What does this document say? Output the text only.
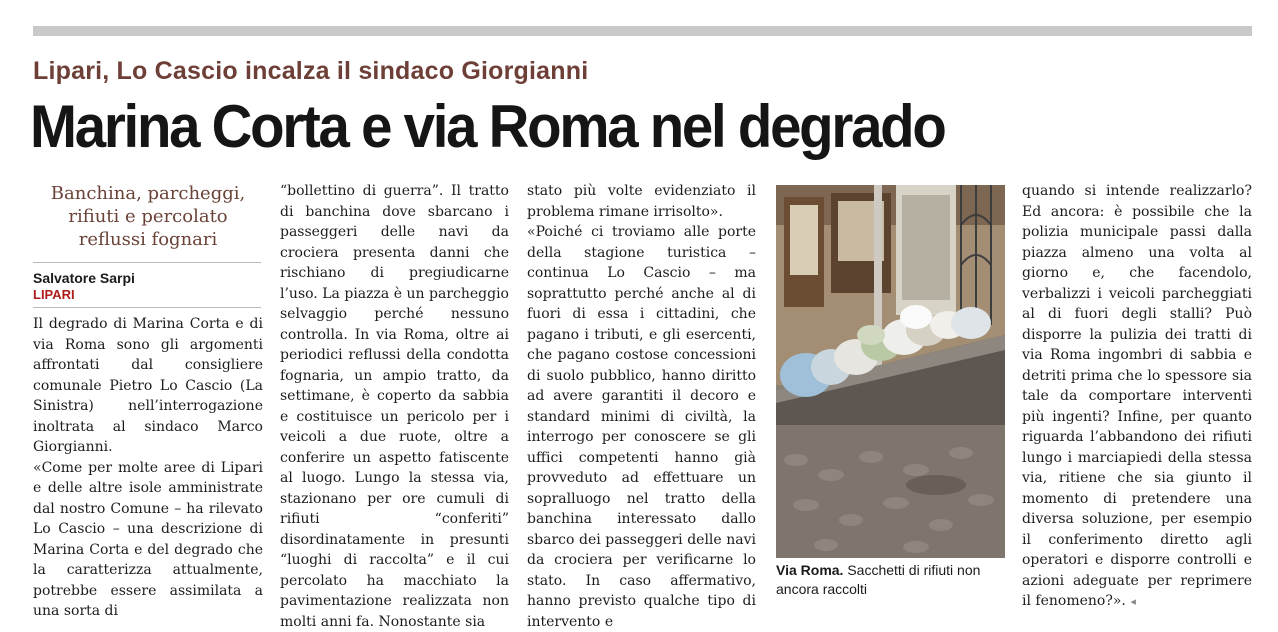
Lipari, Lo Cascio incalza il sindaco Giorgianni
Marina Corta e via Roma nel degrado
Banchina, parcheggi, rifiuti e percolato reflussi fognari
Salvatore Sarpi
LIPARI

Il degrado di Marina Corta e di via Roma sono gli argomenti affrontati dal consigliere comunale Pietro Lo Cascio (La Sinistra) nell’interrogazione inoltrata al sindaco Marco Giorgianni.

«Come per molte aree di Lipari e delle altre isole amministrate dal nostro Comune – ha rilevato Lo Cascio – una descrizione di Marina Corta e del degrado che la caratterizza attualmente, potrebbe essere assimilata a una sorta di

“bollettino di guerra”. Il tratto di banchina dove sbarcano i passeggeri delle navi da crociera presenta danni che rischiano di pregiudicarne l’uso. La piazza è un parcheggio selvaggio perché nessuno controlla. In via Roma, oltre ai periodici reflussi della condotta fognaria, un ampio tratto, da settimane, è coperto da sabbia e costituisce un pericolo per i veicoli a due ruote, oltre a conferire un aspetto fatiscente al luogo. Lungo la stessa via, stazionano per ore cumuli di rifiuti “conferiti” disordinatamente in presunti “luoghi di raccolta” e il cui percolato ha macchiato la pavimentazione realizzata non molti anni fa. Nonostante sia

stato più volte evidenziato il problema rimane irrisolto».

«Poiché ci troviamo alle porte della stagione turistica – continua Lo Cascio – ma soprattutto perché anche al di fuori di essa i cittadini, che pagano i tributi, e gli esercenti, che pagano costose concessioni di suolo pubblico, hanno diritto ad avere garantiti il decoro e standard minimi di civiltà, la interrogo per conoscere se gli uffici competenti hanno già provveduto ad effettuare un sopralluogo nel tratto della banchina interessato dallo sbarco dei passeggeri delle navi da crociera per verificarne lo stato. In caso affermativo, hanno previsto qualche tipo di intervento e

Via Roma. Sacchetti di rifiuti non ancora raccolti

quando si intende realizzarlo? Ed ancora: è possibile che la polizia municipale passi dalla piazza almeno una volta al giorno e, che facendolo, verbalizzi i veicoli parcheggiati al di fuori degli stalli? Può disporre la pulizia dei tratti di via Roma ingombri di sabbia e detriti prima che lo spessore sia tale da comportare interventi più ingenti? Infine, per quanto riguarda l’abbandono dei rifiuti lungo i marciapiedi della stessa via, ritiene che sia giunto il momento di pretendere una diversa soluzione, per esempio il conferimento diretto agli operatori e disporre controlli e azioni adeguate per reprimere il fenomeno?». ◂
